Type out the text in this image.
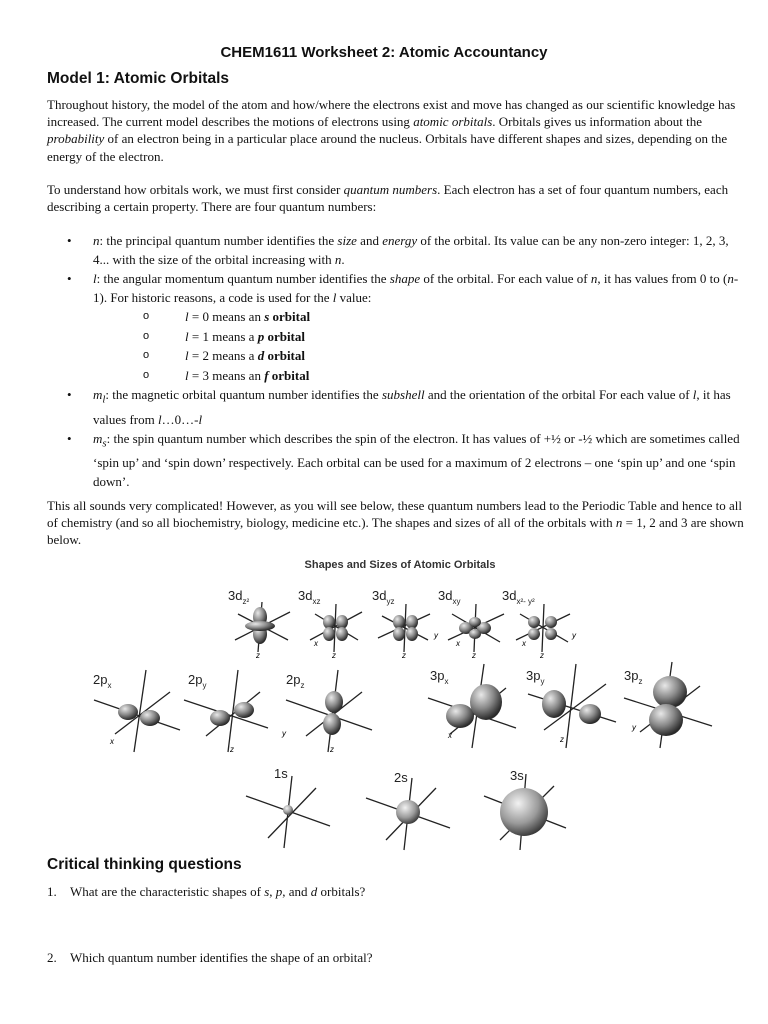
CHEM1611 Worksheet 2: Atomic Accountancy
Model 1: Atomic Orbitals
Throughout history, the model of the atom and how/where the electrons exist and move has changed as our scientific knowledge has increased. The current model describes the motions of electrons using atomic orbitals. Orbitals gives us information about the probability of an electron being in a particular place around the nucleus. Orbitals have different shapes and sizes, depending on the energy of the electron.
To understand how orbitals work, we must first consider quantum numbers. Each electron has a set of four quantum numbers, each describing a certain property. There are four quantum numbers:
• n: the principal quantum number identifies the size and energy of the orbital. Its value can be any non-zero integer: 1, 2, 3, 4... with the size of the orbital increasing with n.
• l: the angular momentum quantum number identifies the shape of the orbital. For each value of n, it has values from 0 to (n-1). For historic reasons, a code is used for the l value:
o	l = 0 means an s orbital
o	l = 1 means a p orbital
o	l = 2 means a d orbital
o	l = 3 means an f orbital
• $m_l$: the magnetic orbital quantum number identifies the subshell and the orientation of the orbital For each value of l, it has values from l…0…-l
• $m_s$: the spin quantum number which describes the spin of the electron. It has values of +½ or -½ which are sometimes called ‘spin up’ and ‘spin down’ respectively. Each orbital can be used for a maximum of 2 electrons – one ‘spin up’ and one ‘spin down’.
This all sounds very complicated! However, as you will see below, these quantum numbers lead to the Periodic Table and hence to all of chemistry (and so all biochemistry, biology, medicine etc.). The shapes and sizes of all of the orbitals with n = 1, 2 and 3 are shown below.
Shapes and Sizes of Atomic Orbitals
$3d_{z^2}$
z
$3d_{xz}$
x
z
$3d_{yz}$
z
$3d_{xy}$
x
z
$3d_{x^2- y^2}$
x
y
z
y
$2p_x$
x
$2p_y$
z
$2p_z$
y
z
$3p_x$
x
$3p_y$
z
$3p_z$
y
1s	2s	3s
Critical thinking questions
1. What are the characteristic shapes of s, p, and d orbitals?
2. Which quantum number identifies the shape of an orbital?
